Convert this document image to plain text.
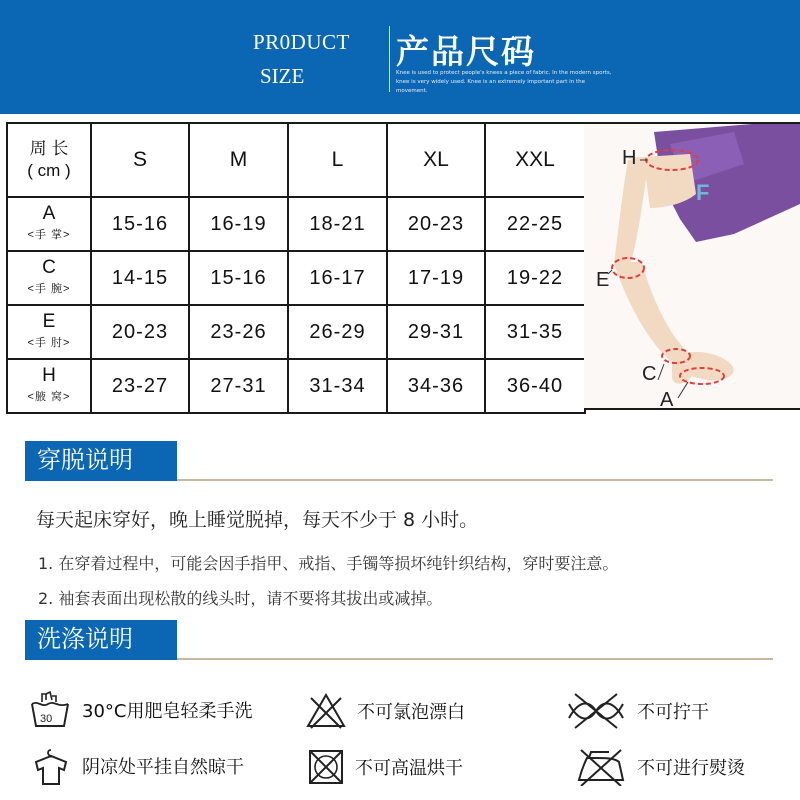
PR0DUCT
SIZE
产品尺码
Knee is used to protect people's knees a piece of fabric. In the modern sports, knee is very widely used. Knee is an extremely important part in the movement.
周 长
( cm )	S	M	L	XL	XXL
A
<手 掌>	15-16	16-19	18-21	20-23	22-25
C
<手 腕>	14-15	15-16	16-17	17-19	19-22
E
<手 肘>	20-23	23-26	26-29	29-31	31-35
H
<腋 窝>	23-27	27-31	31-34	34-36	36-40
F
H
E
C
A
穿脱说明
每天起床穿好，晚上睡觉脱掉，每天不少于 8 小时。
1. 在穿着过程中，可能会因手指甲、戒指、手镯等损坏纯针织结构，穿时要注意。
2. 袖套表面出现松散的线头时，请不要将其拔出或减掉。
洗涤说明
30 30°C用肥皂轻柔手洗	不可氯泡漂白	不可拧干
阴凉处平挂自然晾干	不可高温烘干	不可进行熨烫
